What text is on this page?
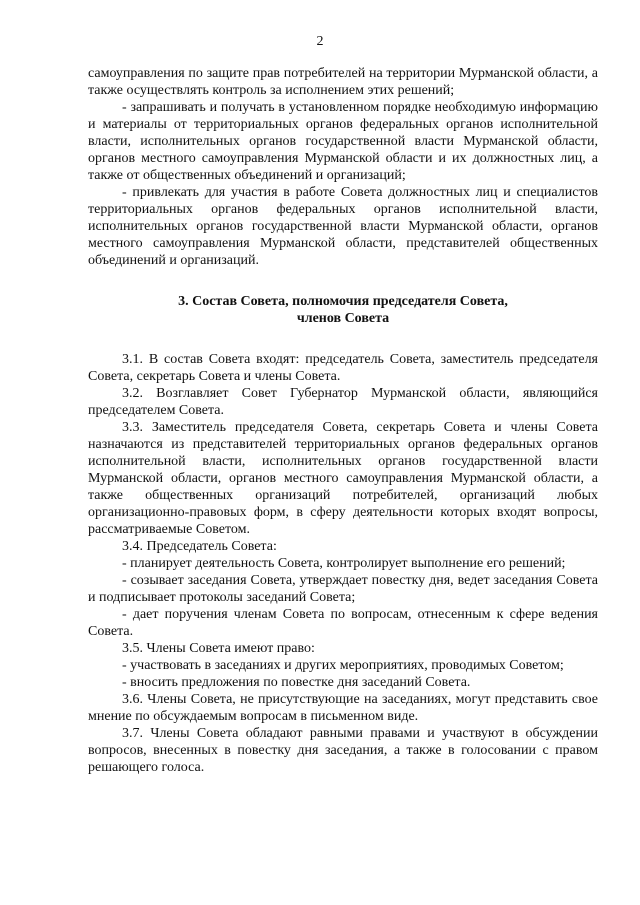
2

самоуправления по защите прав потребителей на территории Мурманской области, а также осуществлять контроль за исполнением этих решений;

- запрашивать и получать в установленном порядке необходимую информацию и материалы от территориальных органов федеральных органов исполнительной власти, исполнительных органов государственной власти Мурманской области, органов местного самоуправления Мурманской области и их должностных лиц, а также от общественных объединений и организаций;

- привлекать для участия в работе Совета должностных лиц и специалистов территориальных органов федеральных органов исполнительной власти, исполнительных органов государственной власти Мурманской области, органов местного самоуправления Мурманской области, представителей общественных объединений и организаций.

3. Состав Совета, полномочия председателя Совета,
членов Совета

3.1. В состав Совета входят: председатель Совета, заместитель председателя Совета, секретарь Совета и члены Совета.

3.2. Возглавляет Совет Губернатор Мурманской области, являющийся председателем Совета.

3.3. Заместитель председателя Совета, секретарь Совета и члены Совета назначаются из представителей территориальных органов федеральных органов исполнительной власти, исполнительных органов государственной власти Мурманской области, органов местного самоуправления Мурманской области, а также общественных организаций потребителей, организаций любых организационно-правовых форм, в сферу деятельности которых входят вопросы, рассматриваемые Советом.

3.4. Председатель Совета:

- планирует деятельность Совета, контролирует выполнение его решений;

- созывает заседания Совета, утверждает повестку дня, ведет заседания Совета и подписывает протоколы заседаний Совета;

- дает поручения членам Совета по вопросам, отнесенным к сфере ведения Совета.

3.5. Члены Совета имеют право:

- участвовать в заседаниях и других мероприятиях, проводимых Советом;

- вносить предложения по повестке дня заседаний Совета.

3.6. Члены Совета, не присутствующие на заседаниях, могут представить свое мнение по обсуждаемым вопросам в письменном виде.

3.7. Члены Совета обладают равными правами и участвуют в обсуждении вопросов, внесенных в повестку дня заседания, а также в голосовании с правом решающего голоса.
